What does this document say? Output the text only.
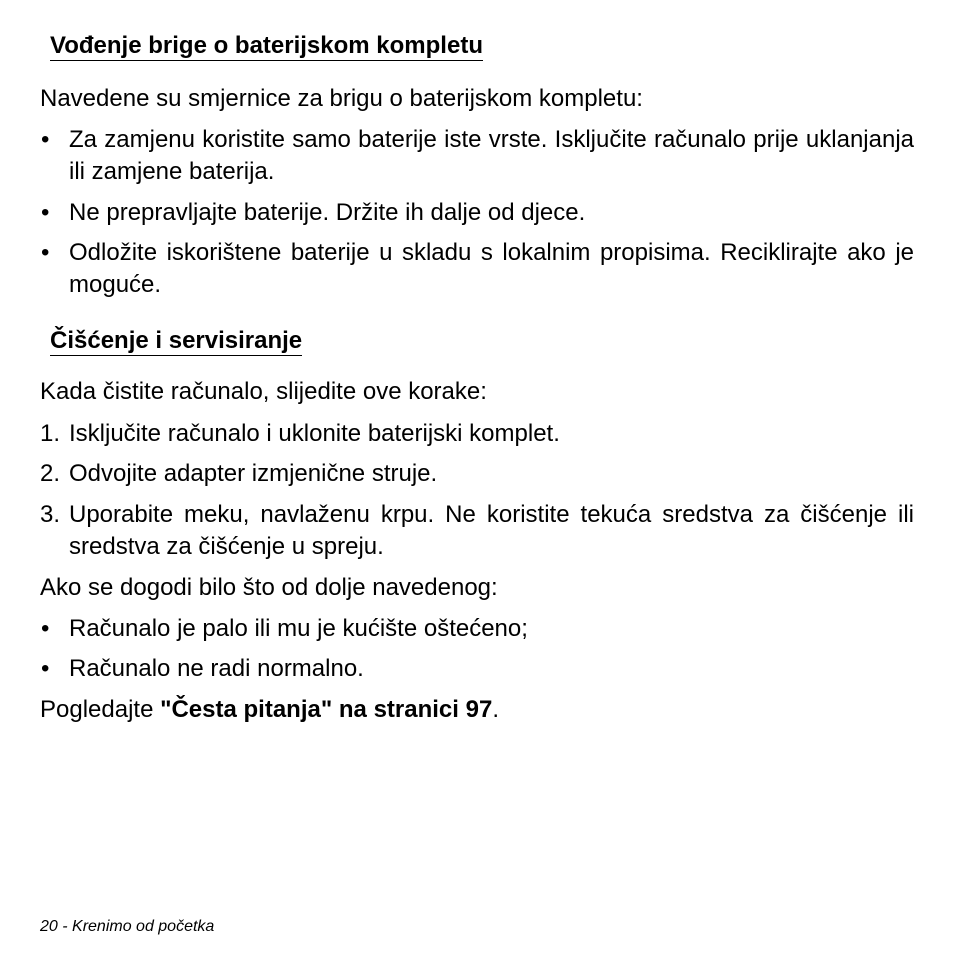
Vođenje brige o baterijskom kompletu

Navedene su smjernice za brigu o baterijskom kompletu:

• Za zamjenu koristite samo baterije iste vrste. Isključite računalo prije uklanjanja ili zamjene baterija.
• Ne prepravljajte baterije. Držite ih dalje od djece.
• Odložite iskorištene baterije u skladu s lokalnim propisima. Reciklirajte ako je moguće.
Čišćenje i servisiranje

Kada čistite računalo, slijedite ove korake:

1. Isključite računalo i uklonite baterijski komplet.
2. Odvojite adapter izmjenične struje.
3. Uporabite meku, navlaženu krpu. Ne koristite tekuća sredstva za čišćenje ili sredstva za čišćenje u spreju.

Ako se dogodi bilo što od dolje navedenog:

• Računalo je palo ili mu je kućište oštećeno;
• Računalo ne radi normalno.

Pogledajte "Česta pitanja" na stranici 97.

20 - Krenimo od početka
